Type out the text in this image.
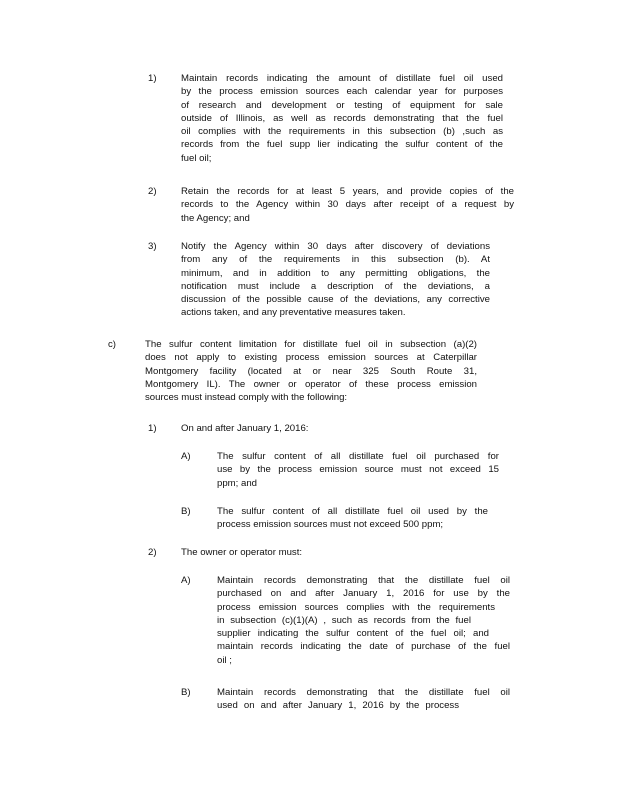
1)	Maintain records indicating the amount of distillate fuel oil used
by the process emission sources each calendar year for purposes
of research and development or testing of equipment for sale
outside of Illinois, as well as records demonstrating that the fuel
oil complies with the requirements in this subsection (b) ,such as
records from the fuel supp lier indicating the sulfur content of the
fuel oil;
2)	Retain the records for at least 5 years, and provide copies of the
records to the Agency within 30 days after receipt of a request by
the Agency; and
3)	Notify the Agency within 30 days after discovery of deviations
from any of the requirements in this subsection (b). At
minimum, and in addition to any permitting obligations, the
notification must include a description of the deviations, a
discussion of the possible cause of the deviations, any corrective
actions taken, and any preventative measures taken.
c)	The sulfur content limitation for distillate fuel oil in subsection (a)(2)
does not apply to existing process emission sources at Caterpillar
Montgomery facility (located at or near 325 South Route 31,
Montgomery IL). The owner or operator of these process emission
sources must instead comply with the following:
1)	On and after January 1, 2016:
A)	The sulfur content of all distillate fuel oil purchased for
use by the process emission source must not exceed 15
ppm; and
B)	The sulfur content of all distillate fuel oil used by the
process emission sources must not exceed 500 ppm;
2)	The owner or operator must:
A)	Maintain records demonstrating that the distillate fuel oil
purchased on and after January 1, 2016 for use by the
process emission sources complies with the requirements
in subsection (c)(1)(A) , such as records from the fuel
supplier indicating the sulfur content of the fuel oil; and
maintain records indicating the date of purchase of the fuel
oil ;
B)	Maintain records demonstrating that the distillate fuel oil
used on and after January 1, 2016 by the process
